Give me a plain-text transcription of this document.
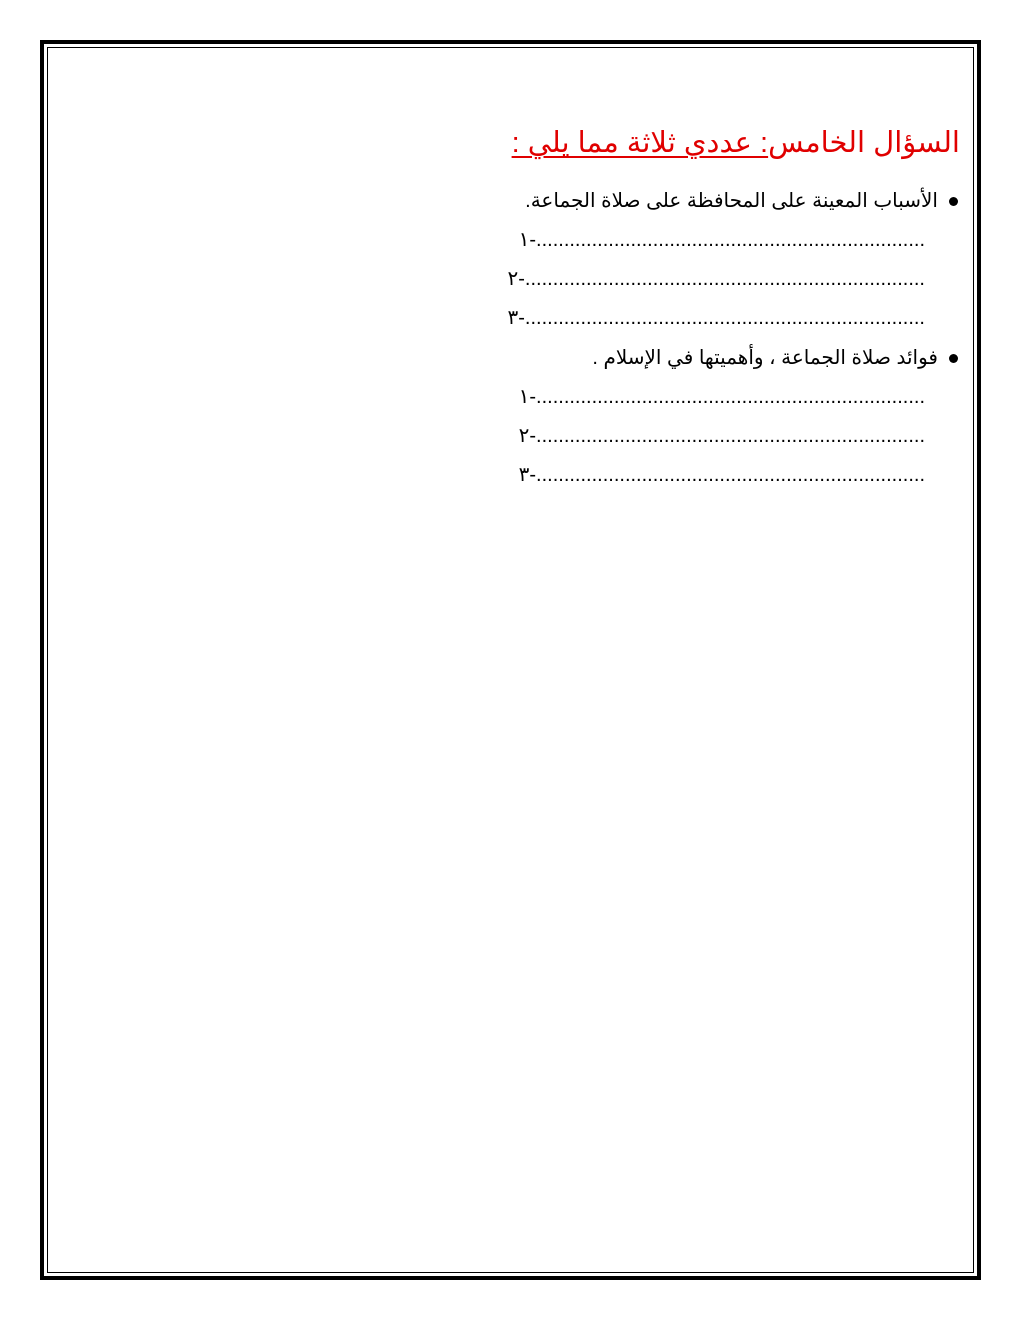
السؤال الخامس: عددي ثلاثة مما يلي :
الأسباب المعينة على المحافظة على صلاة الجماعة.
١-......................................................................
٢-........................................................................
٣-........................................................................
فوائد صلاة الجماعة ، وأهميتها في الإسلام .
١-......................................................................
٢-......................................................................
٣-......................................................................
